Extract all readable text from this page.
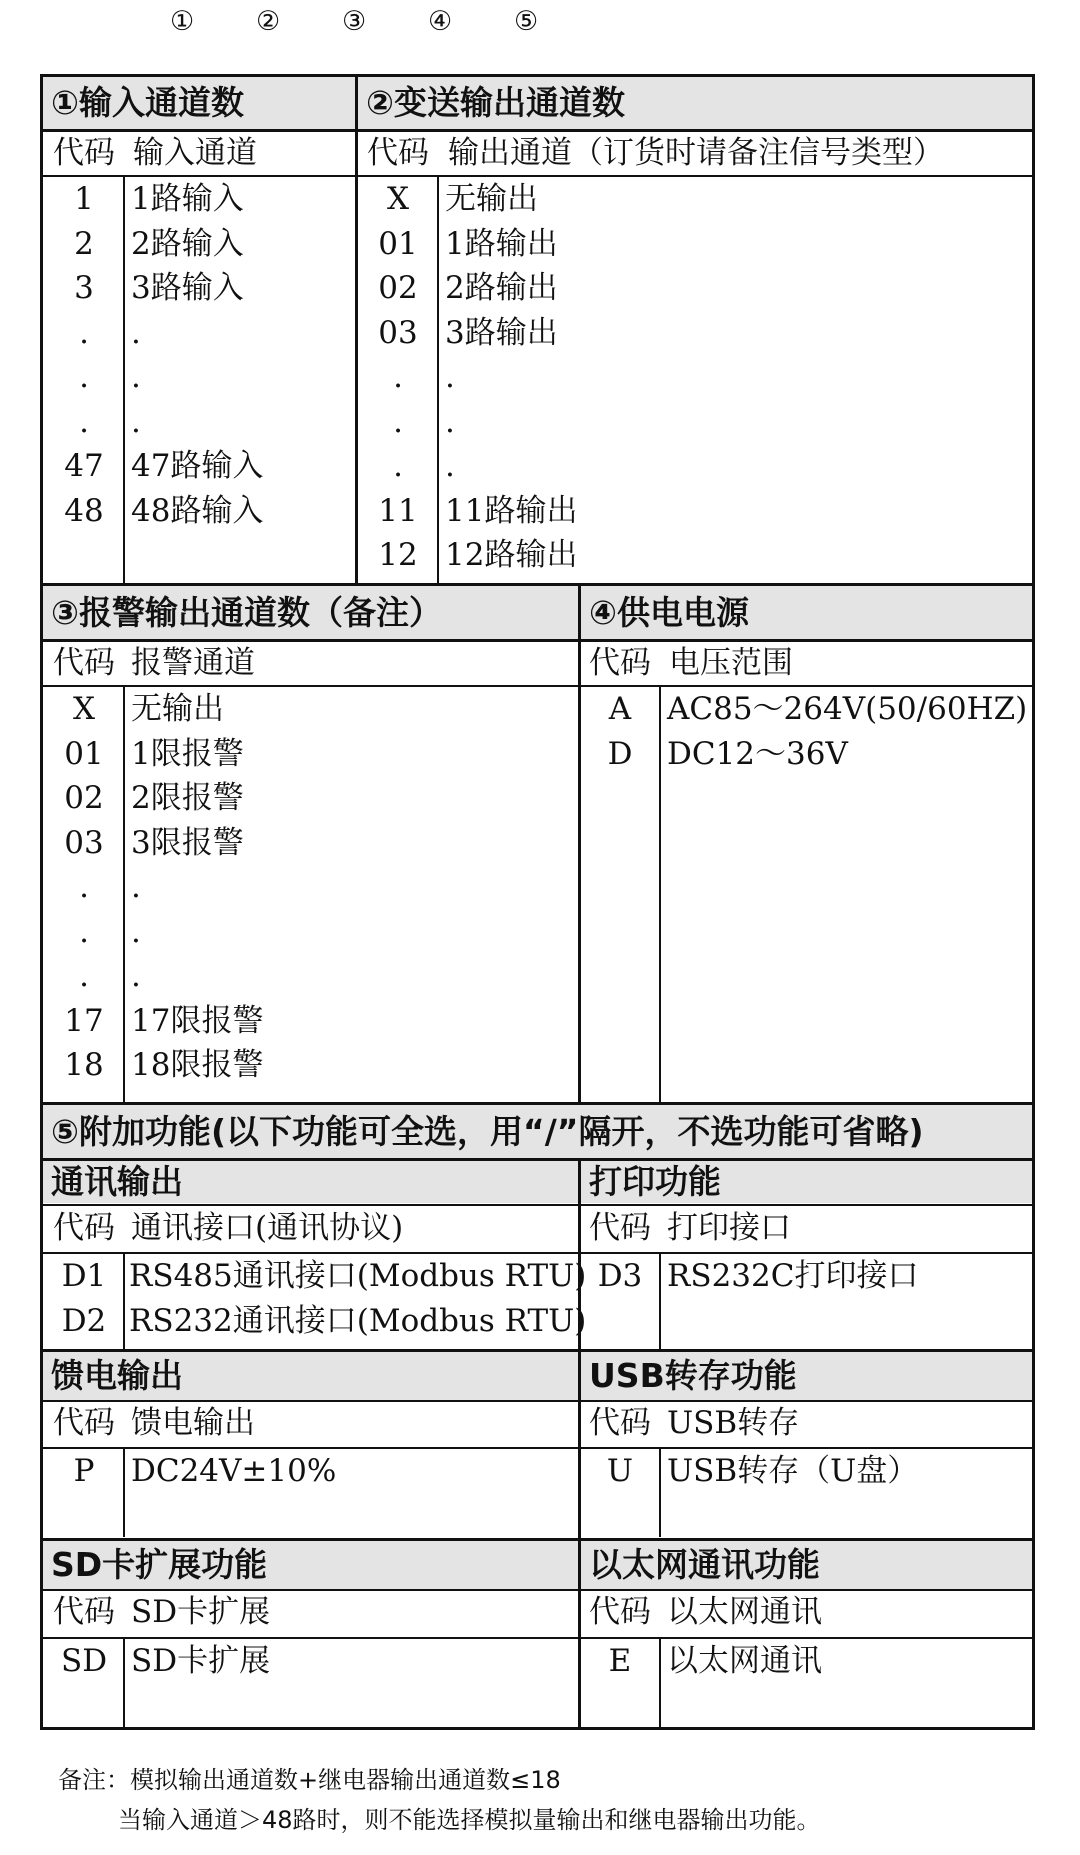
① ② ③ ④ ⑤
①输入通道数	②变送输出通道数
代码 输入通道	代码 输出通道（订货时请备注信号类型）
1	1路输入
2	2路输入
3	3路输入
.	.
.	.
.	.
47 47路输入
48 48路输入
X	无输出
01 1路输出
02 2路输出
03 3路输出
.	.
.	.
.	.
11 11路输出
12 12路输出
③报警输出通道数（备注）	④供电电源
代码 报警通道	代码 电压范围
X	无输出
01 1限报警
02 2限报警
03 3限报警
.	.
.	.
.	.
17 17限报警
18 18限报警
A	AC85～264V(50/60HZ)
D	DC12～36V
⑤附加功能(以下功能可全选，用“/”隔开，不选功能可省略)
通讯输出	打印功能
代码 通讯接口(通讯协议)	代码 打印接口
D1 RS485通讯接口(Modbus RTU)
D2 RS232通讯接口(Modbus RTU)
D3 RS232C打印接口
馈电输出	USB转存功能
代码 馈电输出	代码 USB转存
P	DC24V±10%	U	USB转存（U盘）
SD卡扩展功能	以太网通讯功能
代码 SD卡扩展	代码 以太网通讯
SD SD卡扩展	E	以太网通讯
备注：模拟输出通道数+继电器输出通道数≤18
当输入通道＞48路时，则不能选择模拟量输出和继电器输出功能。
